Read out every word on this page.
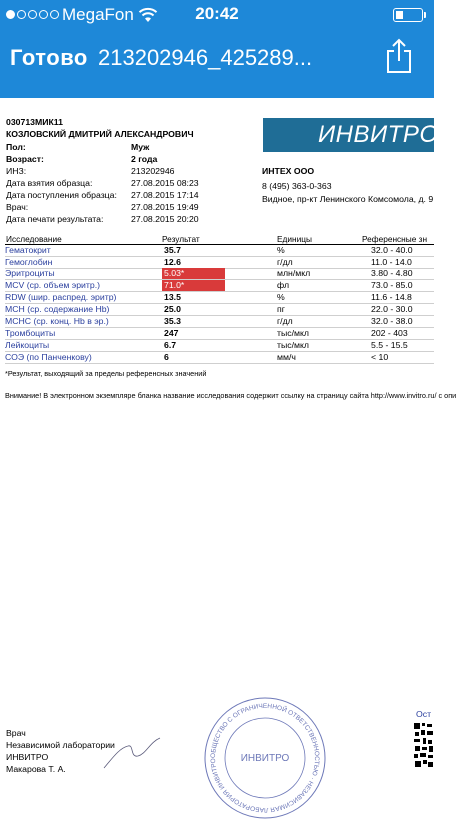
MegaFon	20:42
Готово 213202946_425289...
030713МИК11
КОЗЛОВСКИЙ ДМИТРИЙ АЛЕКСАНДРОВИЧ
Пол:	Муж
Возраст:	2 года
ИНЗ:	213202946
Дата взятия образца:	27.08.2015 08:23
Дата поступления образца: 27.08.2015 17:14
Врач:	27.08.2015 19:49
Дата печати результата:	27.08.2015 20:20
ИНВИТРО
ИНТЕХ ООО
8 (495) 363-0-363
Видное, пр-кт Ленинского Комсомола, д. 9
Исследование	Результат	Единицы	Референсные зн
Гематокрит	35.7	%	32.0 - 40.0
Гемоглобин	12.6	г/дл	11.0 - 14.0
Эритроциты	5.03*	млн/мкл	3.80 - 4.80
MCV (ср. объем эритр.)	71.0*	фл	73.0 - 85.0
RDW (шир. распред. эритр)	13.5	%	11.6 - 14.8
MCH (ср. содержание Hb)	25.0	пг	22.0 - 30.0
MCHC (ср. конц. Hb в эр.)	35.3	г/дл	32.0 - 38.0
Тромбоциты	247	тыс/мкл	202 - 403
Лейкоциты	6.7	тыс/мкл	5.5 - 15.5
СОЭ (по Панченкову)	6	мм/ч	< 10
*Результат, выходящий за пределы референсных значений
Внимание! В электронном экземпляре бланка название исследования содержит ссылку на страницу сайта http://www.invitro.ru/ с опи
Врач
Независимой лаборатории
ИНВИТРО
Макарова Т. А.
ОБЩЕСТВО С ОГРАНИЧЕННОЙ ОТВЕТСТВЕННОСТЬЮ · НЕЗАВИСИМАЯ ЛАБОРАТОРИЯ ИНВИТРО	ИНВИТРО
Ост
